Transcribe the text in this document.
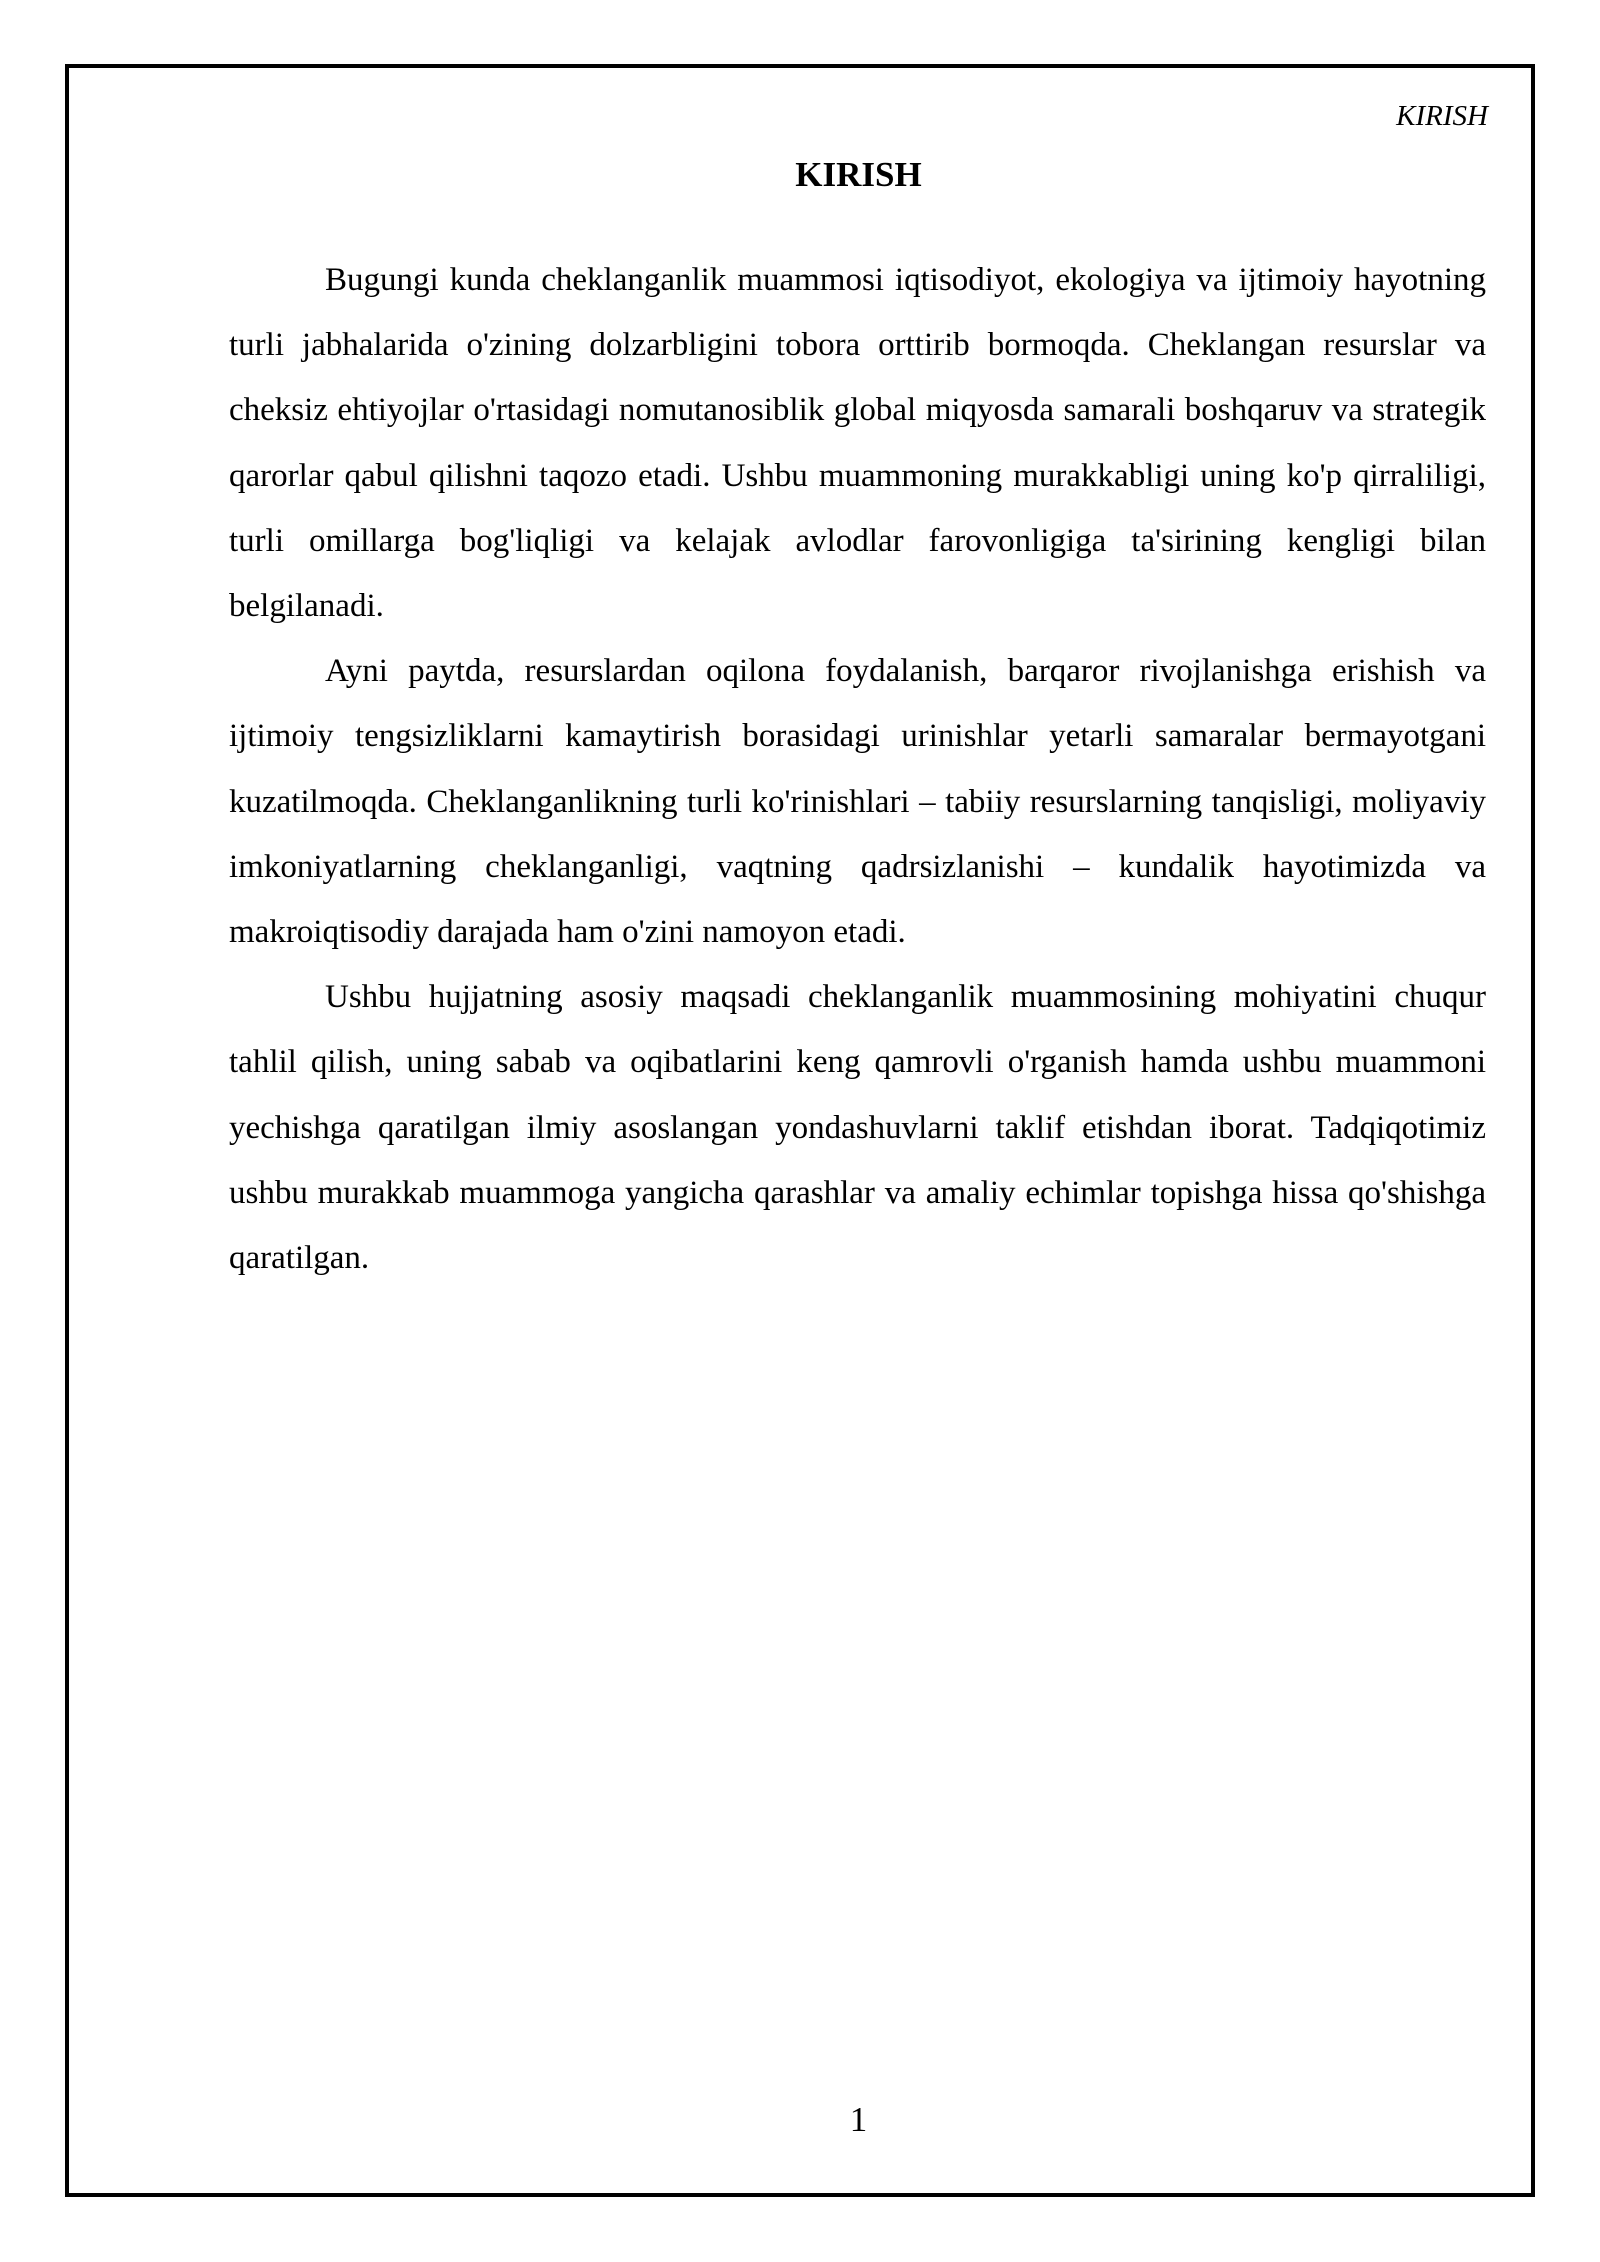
KIRISH
KIRISH

Bugungi kunda cheklanganlik muammosi iqtisodiyot, ekologiya va ijtimoiy hayotning turli jabhalarida o'zining dolzarbligini tobora orttirib bormoqda. Cheklangan resurslar va cheksiz ehtiyojlar o'rtasidagi nomutanosiblik global miqyosda samarali boshqaruv va strategik qarorlar qabul qilishni taqozo etadi. Ushbu muammoning murakkabligi uning ko'p qirraliligi, turli omillarga bog'liqligi va kelajak avlodlar farovonligiga ta'sirining kengligi bilan belgilanadi.

Ayni paytda, resurslardan oqilona foydalanish, barqaror rivojlanishga erishish va ijtimoiy tengsizliklarni kamaytirish borasidagi urinishlar yetarli samaralar bermayotgani kuzatilmoqda. Cheklanganlikning turli ko'rinishlari – tabiiy resurslarning tanqisligi, moliyaviy imkoniyatlarning cheklanganligi, vaqtning qadrsizlanishi – kundalik hayotimizda va makroiqtisodiy darajada ham o'zini namoyon etadi.

Ushbu hujjatning asosiy maqsadi cheklanganlik muammosining mohiyatini chuqur tahlil qilish, uning sabab va oqibatlarini keng qamrovli o'rganish hamda ushbu muammoni yechishga qaratilgan ilmiy asoslangan yondashuvlarni taklif etishdan iborat. Tadqiqotimiz ushbu murakkab muammoga yangicha qarashlar va amaliy echimlar topishga hissa qo'shishga qaratilgan.

1
